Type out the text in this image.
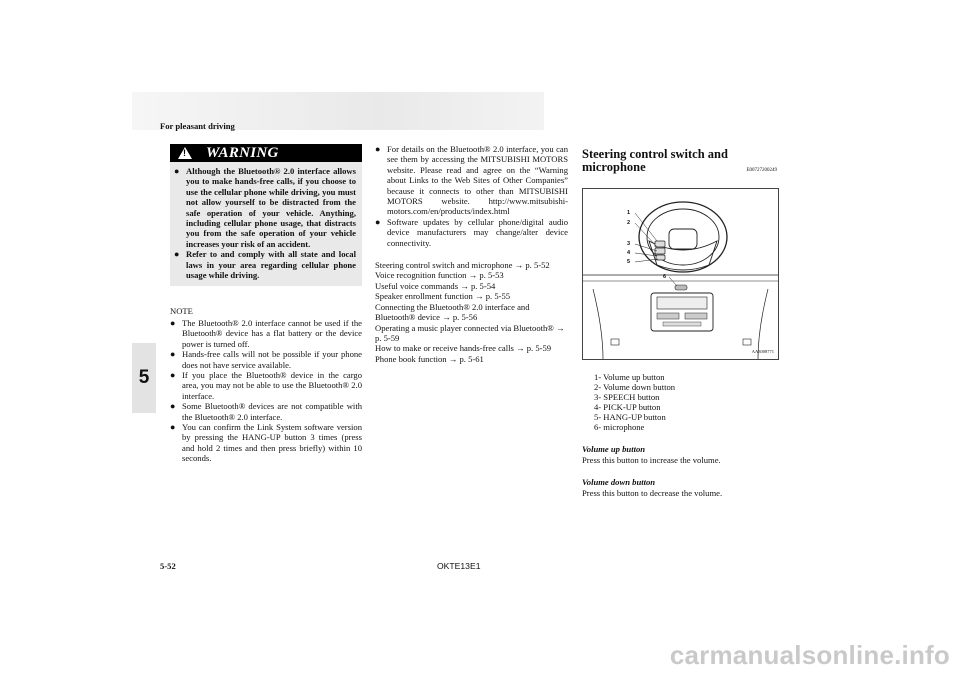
For pleasant driving
5
!
WARNING
● Although the Bluetooth® 2.0 interface allows you to make hands-free calls, if you choose to use the cellular phone while driving, you must not allow yourself to be distracted from the safe operation of your vehicle. Anything, including cellular phone usage, that distracts you from the safe operation of your vehicle increases your risk of an accident.
● Refer to and comply with all state and local laws in your area regarding cellular phone usage while driving.
NOTE
● The Bluetooth® 2.0 interface cannot be used if the Bluetooth® device has a flat battery or the device power is turned off.
● Hands-free calls will not be possible if your phone does not have service available.
● If you place the Bluetooth® device in the cargo area, you may not be able to use the Bluetooth® 2.0 interface.
● Some Bluetooth® devices are not compatible with the Bluetooth® 2.0 interface.
● You can confirm the Link System software version by pressing the HANG-UP button 3 times (press and hold 2 times and then press briefly) within 10 seconds.
● For details on the Bluetooth® 2.0 interface, you can see them by accessing the MITSUBISHI MOTORS website. Please read and agree on the “Warning about Links to the Web Sites of Other Companies” because it connects to other than MITSUBISHI MOTORS website. http://www.mitsubishi-motors.com/en/products/index.html
● Software updates by cellular phone/digital audio device manufacturers may change/alter device connectivity.
Steering control switch and microphone → p. 5-52
Voice recognition function → p. 5-53
Useful voice commands → p. 5-54
Speaker enrollment function → p. 5-55
Connecting the Bluetooth® 2.0 interface and Bluetooth® device → p. 5-56
Operating a music player connected via Bluetooth® → p. 5-59
How to make or receive hands-free calls → p. 5-59
Phone book function → p. 5-61
Steering control switch and microphone	E00727200249
1
2
3
4
5
6
AA3008771
1- Volume up button
2- Volume down button
3- SPEECH button
4- PICK-UP button
5- HANG-UP button
6- microphone
Volume up button
Press this button to increase the volume.
Volume down button
Press this button to decrease the volume.
5-52	OKTE13E1
carmanualsonline.info
